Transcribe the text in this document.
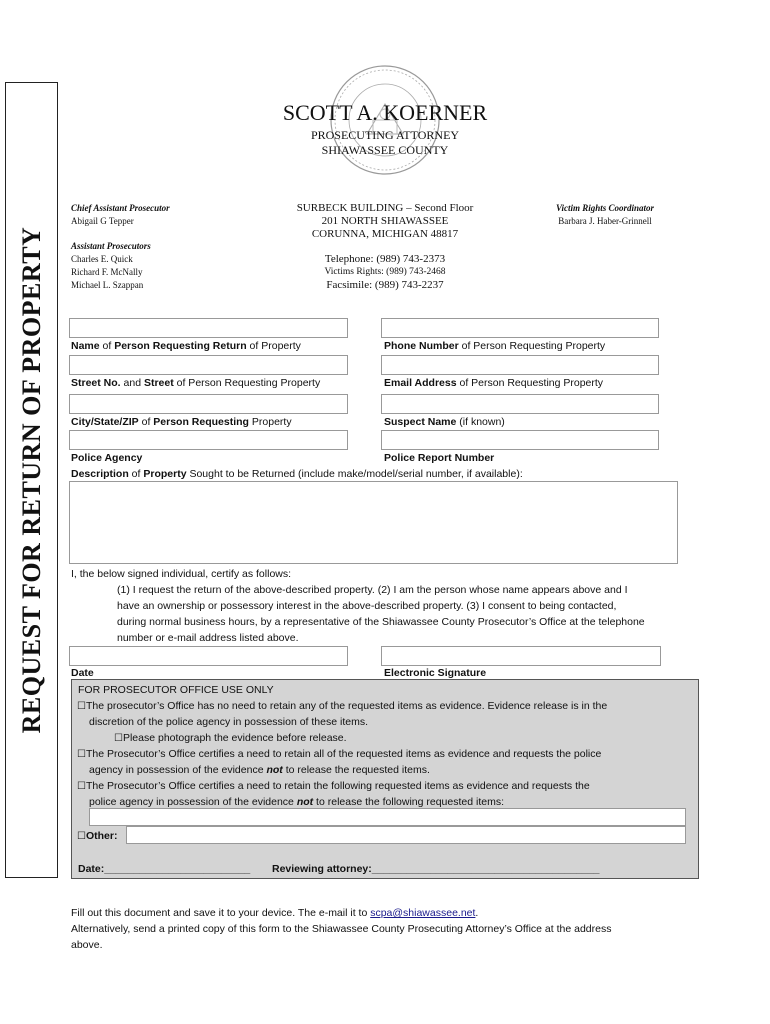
REQUEST FOR RETURN OF PROPERTY
SCOTT A. KOERNER
PROSECUTING ATTORNEY
SHIAWASSEE COUNTY
Chief Assistant Prosecutor
Abigail G Tepper
Assistant Prosecutors
Charles E. Quick
Richard F. McNally
Michael L. Szappan
SURBECK BUILDING – Second Floor
201 NORTH SHIAWASSEE
CORUNNA, MICHIGAN 48817
Telephone: (989) 743-2373
Victims Rights: (989) 743-2468
Facsimile: (989) 743-2237
Victim Rights Coordinator
Barbara J. Haber-Grinnell
Name of Person Requesting Return of Property	Phone Number of Person Requesting Property
Street No. and Street of Person Requesting Property	Email Address of Person Requesting Property
City/State/ZIP of Person Requesting Property	Suspect Name (if known)
Police Agency	Police Report Number
Description of Property Sought to be Returned (include make/model/serial number, if available):
I, the below signed individual, certify as follows:
(1) I request the return of the above-described property. (2) I am the person whose name appears above and I
have an ownership or possessory interest in the above-described property. (3) I consent to being contacted,
during normal business hours, by a representative of the Shiawassee County Prosecutor’s Office at the telephone
number or e-mail address listed above.
Date	Electronic Signature
FOR PROSECUTOR OFFICE USE ONLY
☐The prosecutor’s Office has no need to retain any of the requested items as evidence. Evidence release is in the
discretion of the police agency in possession of these items.
☐Please photograph the evidence before release.
☐The Prosecutor’s Office certifies a need to retain all of the requested items as evidence and requests the police
agency in possession of the evidence not to release the requested items.
☐The Prosecutor’s Office certifies a need to retain the following requested items as evidence and requests the
police agency in possession of the evidence not to release the following requested items:
☐Other:
Date:_________________________ Reviewing attorney:_______________________________________
Fill out this document and save it to your device. The e-mail it to scpa@shiawassee.net.
Alternatively, send a printed copy of this form to the Shiawassee County Prosecuting Attorney’s Office at the address
above.
